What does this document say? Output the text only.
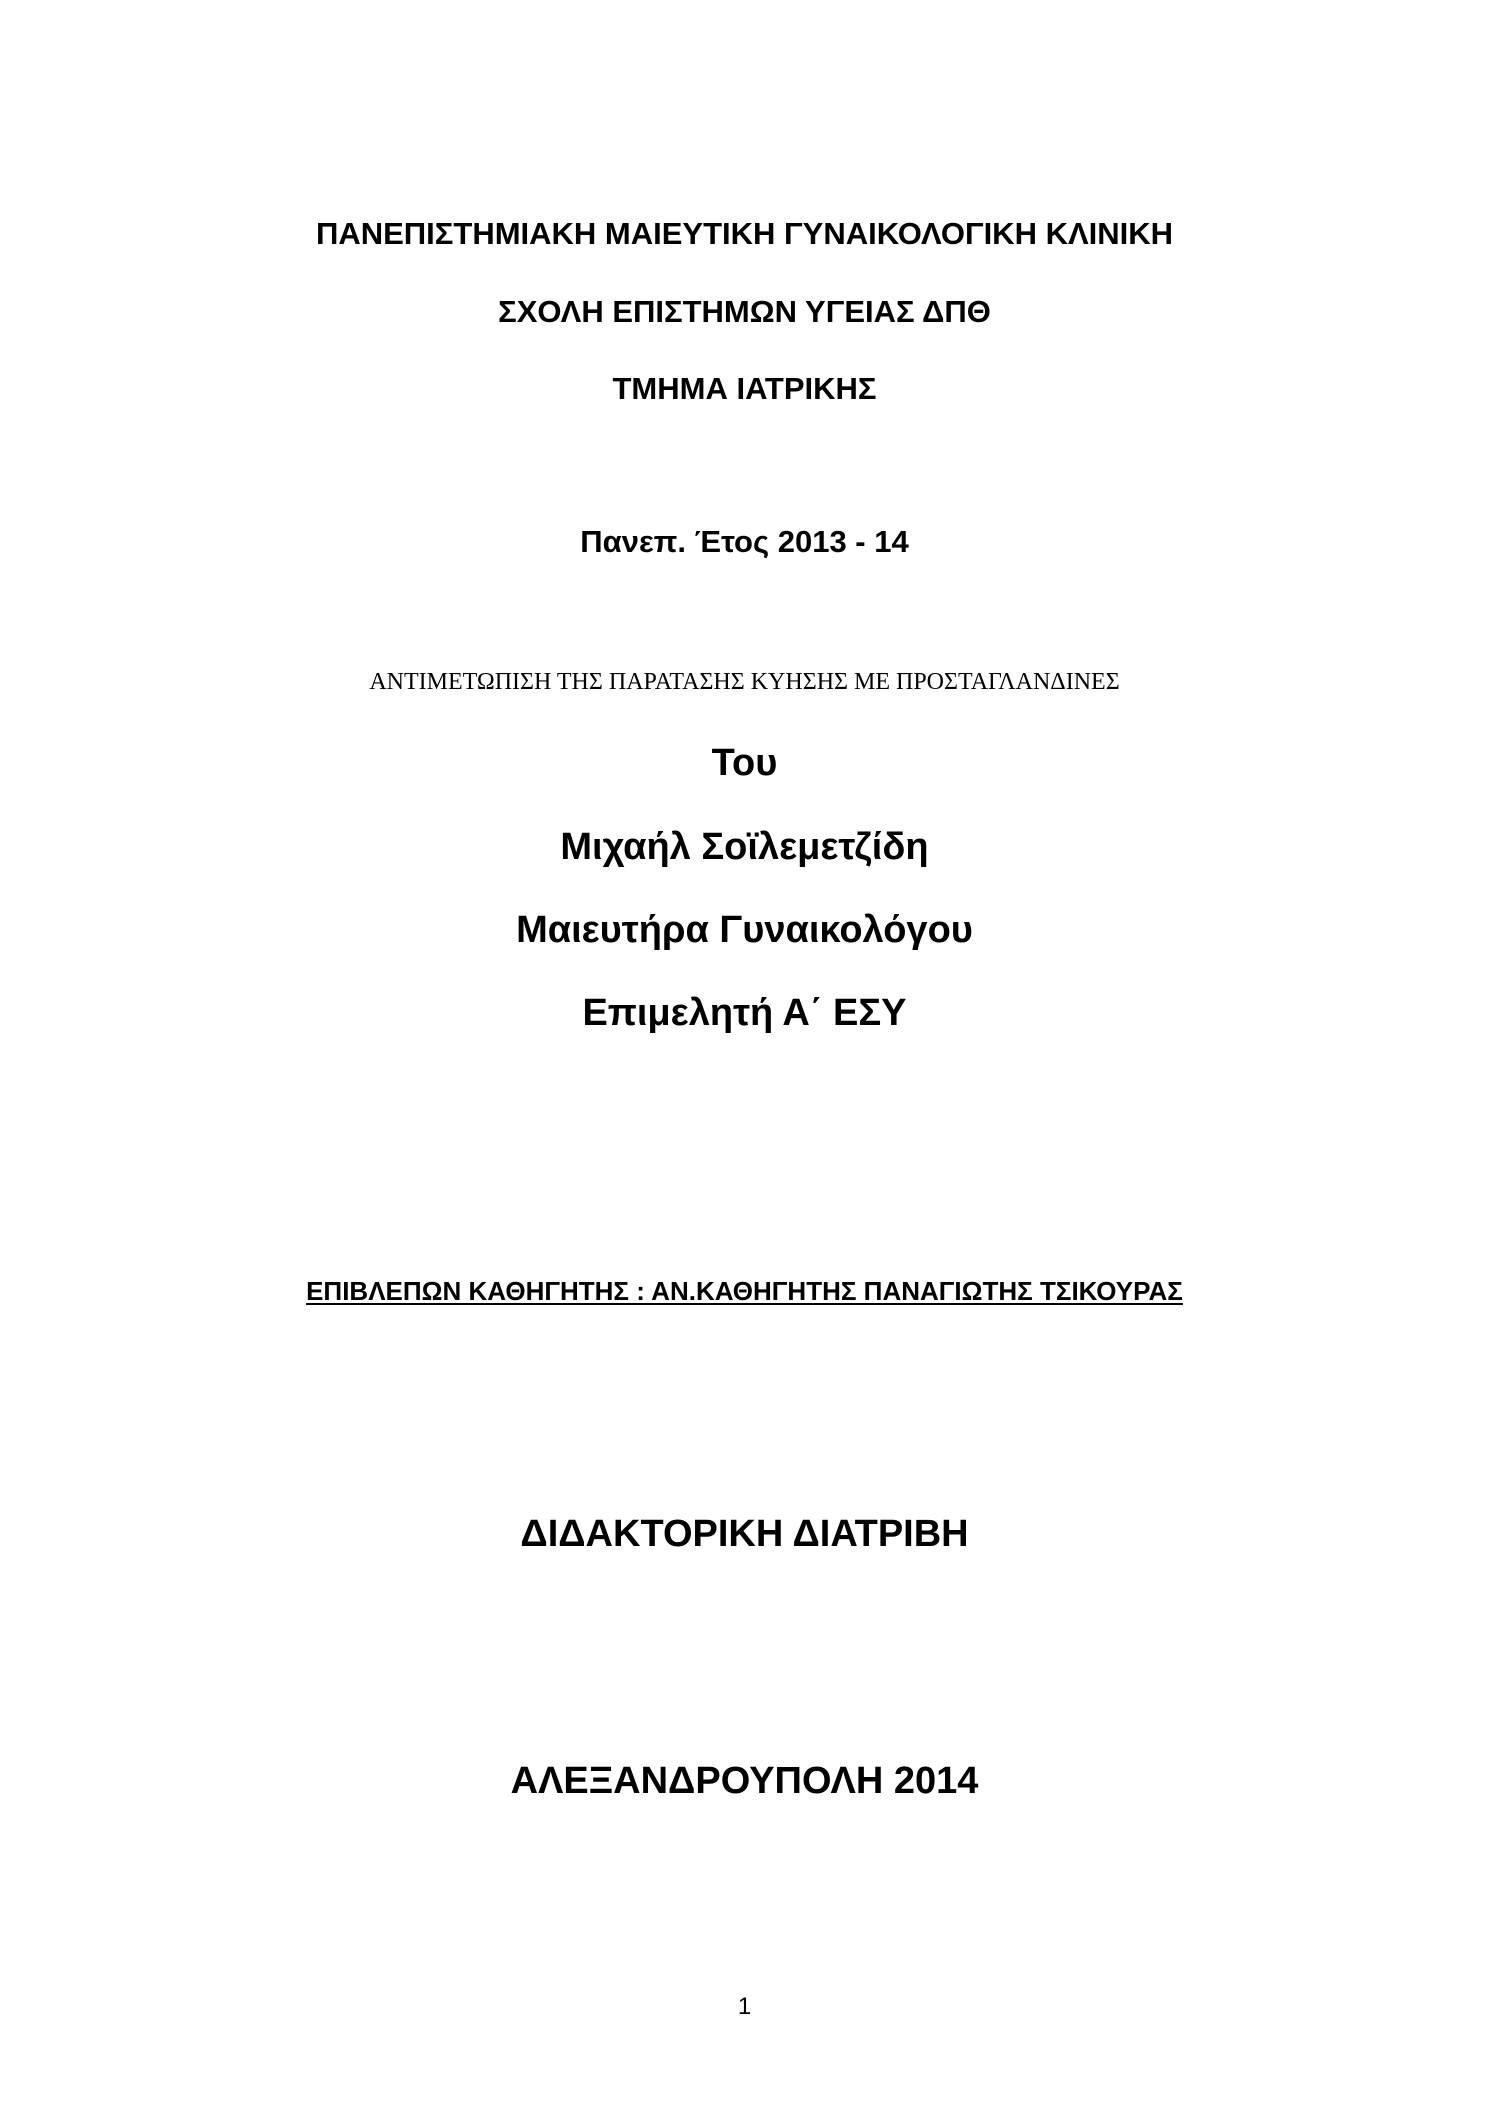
ΠΑΝΕΠΙΣΤΗΜΙΑΚΗ ΜΑΙΕΥΤΙΚΗ ΓΥΝΑΙΚΟΛΟΓΙΚΗ ΚΛΙΝΙΚΗ
ΣΧΟΛΗ ΕΠΙΣΤΗΜΩΝ ΥΓΕΙΑΣ ΔΠΘ
ΤΜΗΜΑ ΙΑΤΡΙΚΗΣ
Πανεπ. Έτος 2013 - 14
ΑΝΤΙΜΕΤΩΠΙΣΗ ΤΗΣ ΠΑΡΑΤΑΣΗΣ ΚΥΗΣΗΣ ΜΕ ΠΡΟΣΤΑΓΛΑΝΔΙΝΕΣ
Του
Μιχαήλ Σοϊλεμετζίδη
Μαιευτήρα Γυναικολόγου
Επιμελητή Α΄ ΕΣΥ
ΕΠΙΒΛΕΠΩΝ ΚΑΘΗΓΗΤΗΣ : ΑΝ.ΚΑΘΗΓΗΤΗΣ ΠΑΝΑΓΙΩΤΗΣ ΤΣΙΚΟΥΡΑΣ
ΔΙΔΑΚΤΟΡΙΚΗ ΔΙΑΤΡΙΒΗ
ΑΛΕΞΑΝΔΡΟΥΠΟΛΗ 2014
1
